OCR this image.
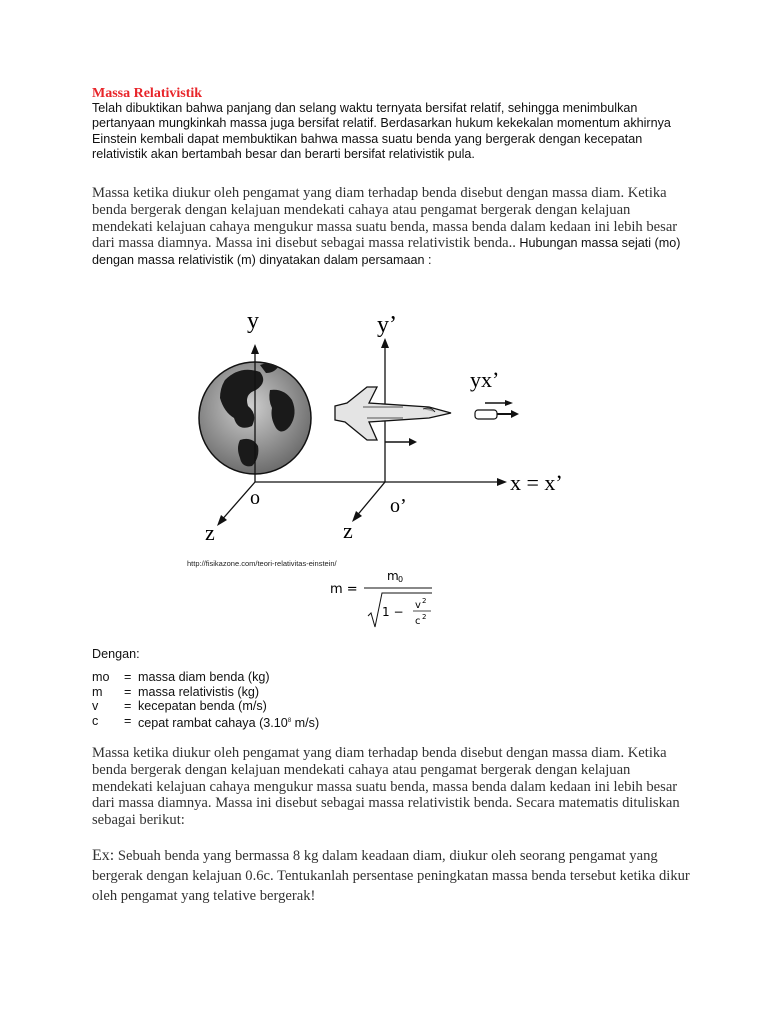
Massa Relativistik
Telah dibuktikan bahwa panjang dan selang waktu ternyata bersifat relatif, sehingga menimbulkan pertanyaan mungkinkah massa juga bersifat relatif. Berdasarkan hukum kekekalan momentum akhirnya Einstein kembali dapat membuktikan bahwa massa suatu benda yang bergerak dengan kecepatan relativistik akan bertambah besar dan berarti bersifat relativistik pula.
Massa ketika diukur oleh pengamat yang diam terhadap benda disebut dengan massa diam. Ketika benda bergerak dengan kelajuan mendekati cahaya atau pengamat bergerak dengan kelajuan mendekati kelajuan cahaya mengukur massa suatu benda, massa benda dalam kedaan ini lebih besar dari massa diamnya. Massa ini disebut sebagai massa relativistik benda.. Hubungan massa sejati (mo) dengan massa relativistik (m) dinyatakan dalam persamaan :
y	y’
yx’
x = x’
o	o’
z	z
http://fisikazone.com/teori-relativitas-einstein/
m =
m 0
1 − v 2
c 2
Dengan:
mo	= massa diam benda (kg)
m	= massa relativistis (kg)
v	= kecepatan benda (m/s)
c	= cepat rambat cahaya (3.10$^8$ m/s)
Massa ketika diukur oleh pengamat yang diam terhadap benda disebut dengan massa diam. Ketika benda bergerak dengan kelajuan mendekati cahaya atau pengamat bergerak dengan kelajuan mendekati kelajuan cahaya mengukur massa suatu benda, massa benda dalam kedaan ini lebih besar dari massa diamnya. Massa ini disebut sebagai massa relativistik benda. Secara matematis dituliskan sebagai berikut:
Ex: Sebuah benda yang bermassa 8 kg dalam keadaan diam, diukur oleh seorang pengamat yang bergerak dengan kelajuan 0.6c. Tentukanlah persentase peningkatan massa benda tersebut ketika dikur oleh pengamat yang telative bergerak!
